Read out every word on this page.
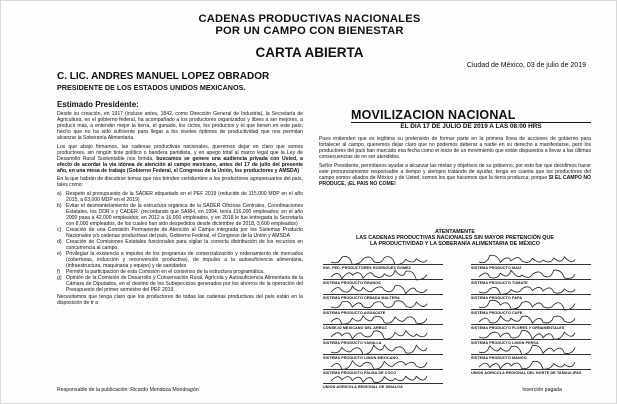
CADENAS PRODUCTIVAS NACIONALES
POR UN CAMPO CON BIENESTAR
CARTA ABIERTA
Ciudad de México, 03 de julio de 2019
C. LIC. ANDRES MANUEL LOPEZ OBRADOR
PRESIDENTE DE LOS ESTADOS UNIDOS MEXICANOS.
Estimado Presidente:

Desde su creación, en 1917 (incluso antes, 1842, como Dirección General de Industria), la Secretaría de Agricultura, en el gobierno federal, ha acompañado a los productores organizados y libres a ser mejores, a producir más, a entender mejor la tierra, el ganado, los ciclos, los productos y el que tienen en este país; hecho que no ha sido suficiente para llegar a los niveles óptimos de productividad que nos permitan alcanzar la Soberanía Alimentaria.

Los que abajo firmamos, las cadenas productivas nacionales, queremos dejar en claro que somos productores, sin ningún tinte político o bandera partidista, y en apego total al marco legal que la Ley de Desarrollo Rural Sustentable nos brinda, buscamos se genere una audiencia privada con Usted, a efecto de acordar la vía idónea de atención al campo mexicano, antes del 17 de julio del presente año, en una mesa de trabajo (Gobierno Federal, el Congreso de la Unión, los productores y AMSDA)

En la que habrán de discutirse temas que nos brinden certidumbre a los productores agropecuarios del país, tales como:

a) Respeto al presupuesto de la SADER etiquetado en el PEF 2019 (reducido de 115,000 MDP en el año 2015, a 63,000 MDP en el 2019)
b) Evitar el desmantelamiento de la estructura orgánica de la SADER Oficinas Centrales, Coordinaciones Estatales, los DDR´s y CADER. (recordando que SARH, en 1994, tenía 116,000 empleados; en el año 2000 pasa a 42,000 empleados; en 2012 a 16,000 empleados, y en 2018 le fue entregada la Secretaría con 8,000 empleados, de los cuales han sido despedidos desde diciembre de 2018, 3,600 empleados)
c) Creación de una Comisión Permanente de Atención al Campo integrada por los Sistemas Producto Nacionales y/o cadenas productivas del país, Gobierno Federal, el Congreso de la Unión y AMSDA
d) Creación de Comisiones Estatales funcionales para vigilar la correcta distribución de los recursos en concurrencia al campo.
e) Privilegiar la existencia e impulso de los programas de comercialización y ordenamiento de mercados (coberturas, inducción y reconversión productiva), de impulso a la autosuficiencia alimentaria, (infraestructura, maquinaria y equipo) y de sanidades
f)	Permitir la participación de esta Comisión en el consenso de la estructura programática.
g) Opinión de la Comisión de Desarrollo y Conservación Rural, Agrícola y Autosuficiencia Alimentaria de la Cámara de Diputados, en el destino de los Subejercicios generados por los ahorros de la operación del Presupuesto del primer semestre del PEF 2019.

Necesitamos que tenga claro que los productores de todas las cadenas productivas del país están en la disposición de tr a

MOVILIZACION NACIONAL
EL DIA 17 DE JULIO DE 2019 A LAS 08:00 HRS

Pues entienden que es legítima su pretensión de formar parte en la primera línea de acciones de gobierno para fortalecer al campo, queremos dejar claro que no podemos deberar a nadie en su derecho a manifestarse, pero los productores del país han marcado esa fecha como el inicio de un movimiento que están dispuestos a llevar a las últimas consecuencias de no ser atendidos.

Señor Presidente, permítanos ayudar a alcanzar las metas y objetivos de su gobierno, por esto fue que decidimos hacer este pronunciamiento responsable a tiempo y siempre tratando de ayudar, tenga en cuenta que los productores del campo somos aliados de México y de Usted, somos los que hacemos que la tierra produzca; porque SI EL CAMPO NO PRODUCE, ¡EL PAIS NO COME!

ATENTAMENTE
LAS CADENAS PRODUCTIVAS NACIONALES SIN MAYOR PRETENCIÓN QUE
LA PRODUCTIVIDAD Y LA SOBERANÍA ALIMENTARIA DE MÉXICO
ING. FED. PRODUCTORES RODRIGUEZ GOMEZ	SISTEMA PRODUCTO MAIZ
SISTEMA PRODUCTO GRANOS	SISTEMA PRODUCTO TOMATE
SISTEMA PRODUCTO CEBADA MALTERA	SISTEMA PRODUCTO PAPA
SISTEMA PRODUCTO AGUACATE	SISTEMA PRODUCTO CAFE
CONSEJO MEXICANO DEL ARROZ	SISTEMA PRODUCTO FLORES Y ORNAMENTALES
SISTEMA PRODUCTO VAINILLA	SISTEMA PRODUCTO LIMON PERSA
SISTEMA PRODUCTO LIMON MEXICANO	SISTEMA PRODUCTO MANGO
SISTEMA PRODUCTO PALMA DE COCO	UNION AGRICOLA REGIONAL DEL NORTE DE TAMAULIPAS
UNION AGRICOLA REGIONAL DE SINALOA
Responsable de la publicación: Ricardo Mendoza Mondragón	Inserción pagada
